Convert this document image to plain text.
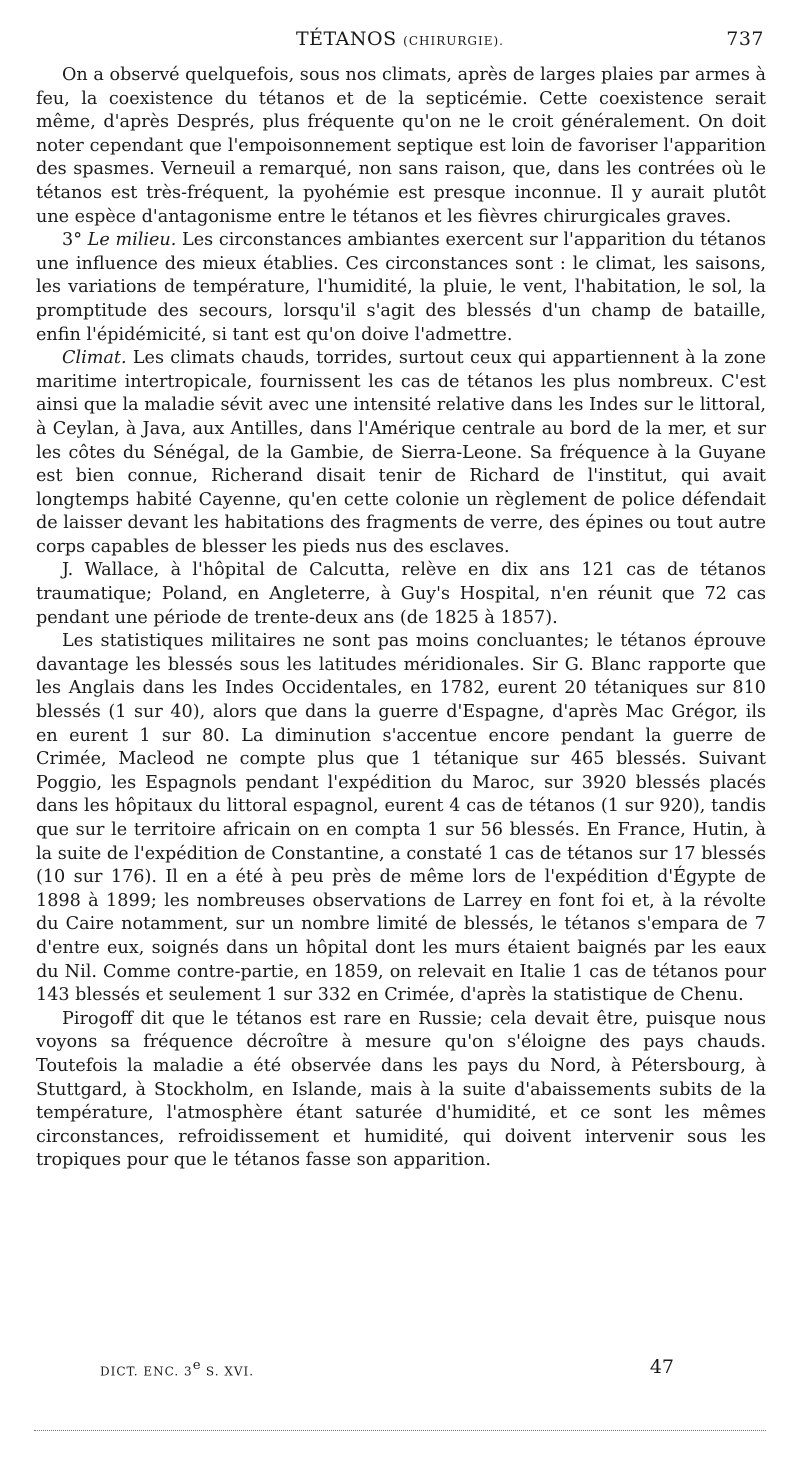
TÉTANOS (CHIRURGIE).	737

On a observé quelquefois, sous nos climats, après de larges plaies par armes à feu, la coexistence du tétanos et de la septicémie. Cette coexistence serait même, d'après Després, plus fréquente qu'on ne le croit généralement. On doit noter cependant que l'empoisonnement septique est loin de favoriser l'apparition des spasmes. Verneuil a remarqué, non sans raison, que, dans les contrées où le tétanos est très-fréquent, la pyohémie est presque inconnue. Il y aurait plutôt une espèce d'antagonisme entre le tétanos et les fièvres chirurgicales graves.

3° Le milieu. Les circonstances ambiantes exercent sur l'apparition du tétanos une influence des mieux établies. Ces circonstances sont : le climat, les saisons, les variations de température, l'humidité, la pluie, le vent, l'habitation, le sol, la promptitude des secours, lorsqu'il s'agit des blessés d'un champ de bataille, enfin l'épidémicité, si tant est qu'on doive l'admettre.

Climat. Les climats chauds, torrides, surtout ceux qui appartiennent à la zone maritime intertropicale, fournissent les cas de tétanos les plus nombreux. C'est ainsi que la maladie sévit avec une intensité relative dans les Indes sur le littoral, à Ceylan, à Java, aux Antilles, dans l'Amérique centrale au bord de la mer, et sur les côtes du Sénégal, de la Gambie, de Sierra-Leone. Sa fréquence à la Guyane est bien connue, Richerand disait tenir de Richard de l'institut, qui avait longtemps habité Cayenne, qu'en cette colonie un règlement de police défendait de laisser devant les habitations des fragments de verre, des épines ou tout autre corps capables de blesser les pieds nus des esclaves.

J. Wallace, à l'hôpital de Calcutta, relève en dix ans 121 cas de tétanos traumatique; Poland, en Angleterre, à Guy's Hospital, n'en réunit que 72 cas pendant une période de trente-deux ans (de 1825 à 1857).

Les statistiques militaires ne sont pas moins concluantes; le tétanos éprouve davantage les blessés sous les latitudes méridionales. Sir G. Blanc rapporte que les Anglais dans les Indes Occidentales, en 1782, eurent 20 tétaniques sur 810 blessés (1 sur 40), alors que dans la guerre d'Espagne, d'après Mac Grégor, ils en eurent 1 sur 80. La diminution s'accentue encore pendant la guerre de Crimée, Macleod ne compte plus que 1 tétanique sur 465 blessés. Suivant Poggio, les Espagnols pendant l'expédition du Maroc, sur 3920 blessés placés dans les hôpitaux du littoral espagnol, eurent 4 cas de tétanos (1 sur 920), tandis que sur le territoire africain on en compta 1 sur 56 blessés. En France, Hutin, à la suite de l'expédition de Constantine, a constaté 1 cas de tétanos sur 17 blessés (10 sur 176). Il en a été à peu près de même lors de l'expédition d'Égypte de 1898 à 1899; les nombreuses observations de Larrey en font foi et, à la révolte du Caire notamment, sur un nombre limité de blessés, le tétanos s'empara de 7 d'entre eux, soignés dans un hôpital dont les murs étaient baignés par les eaux du Nil. Comme contre-partie, en 1859, on relevait en Italie 1 cas de tétanos pour 143 blessés et seulement 1 sur 332 en Crimée, d'après la statistique de Chenu.

Pirogoff dit que le tétanos est rare en Russie; cela devait être, puisque nous voyons sa fréquence décroître à mesure qu'on s'éloigne des pays chauds. Toutefois la maladie a été observée dans les pays du Nord, à Pétersbourg, à Stuttgard, à Stockholm, en Islande, mais à la suite d'abaissements subits de la température, l'atmosphère étant saturée d'humidité, et ce sont les mêmes circonstances, refroidissement et humidité, qui doivent intervenir sous les tropiques pour que le tétanos fasse son apparition.

DICT. ENC. 3e S. XVI.	47
